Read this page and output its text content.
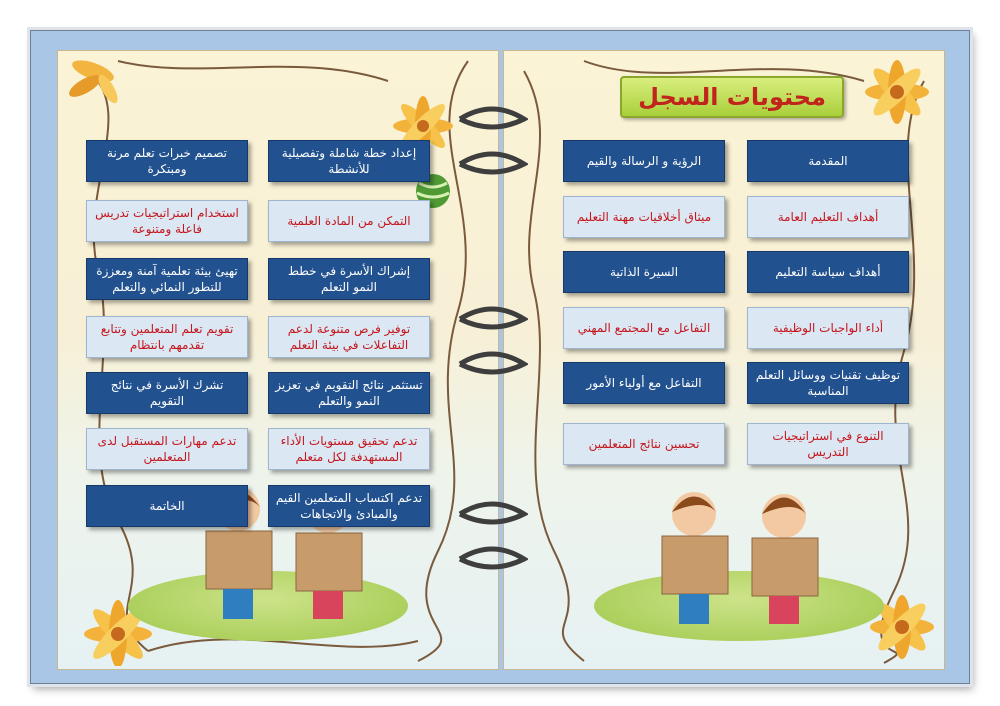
محتويات السجل
المقدمة
أهداف التعليم العامة
أهداف سياسة التعليم
أداء الواجبات الوظيفية
توظيف تقنيات ووسائل التعلم المناسبة
التنوع في استراتيجيات التدريس
الرؤية و الرسالة والقيم
ميثاق أخلاقيات مهنة التعليم
السيرة الذاتية
التفاعل مع المجتمع المهني
التفاعل مع أولياء الأمور
تحسين نتائج المتعلمين
إعداد خطة شاملة وتفصيلية للأنشطة
التمكن من المادة العلمية
إشراك الأسرة في خطط النمو التعلم
توفير فرص متنوعة لدعم التفاعلات في بيئة التعلم
تستثمر نتائج التقويم في تعزيز النمو والتعلم
تدعم تحقيق مستويات الأداء المستهدفة لكل متعلم
تدعم اكتساب المتعلمين القيم والمبادئ والاتجاهات
تصميم خبرات تعلم مرنة ومبتكرة
استخدام استراتيجيات تدريس فاعلة ومتنوعة
تهيئ بيئة تعلمية آمنة ومعززة للتطور النمائي والتعلم
تقويم تعلم المتعلمين وتتابع تقدمهم بانتظام
تشرك الأسرة في نتائج التقويم
تدعم مهارات المستقبل لدى المتعلمين
الخاتمة
